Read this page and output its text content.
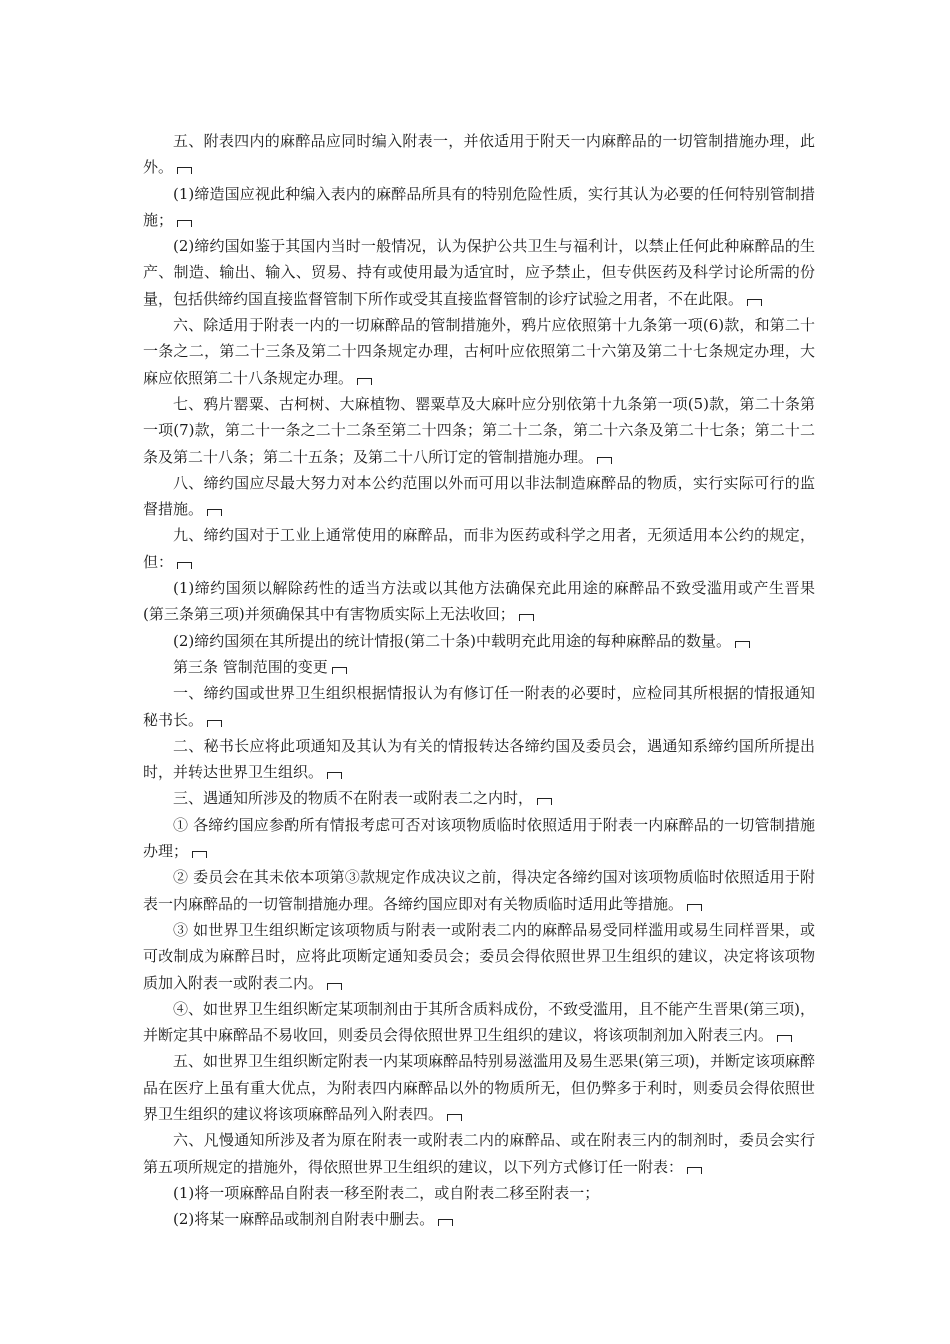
五、附表四内的麻醉品应同时编入附表一，并依适用于附天一内麻醉品的一切管制措施办理，此外。

(1)缔造国应视此种编入表内的麻醉品所具有的特别危险性质，实行其认为必要的任何特别管制措施；

(2)缔约国如鉴于其国内当时一般情况，认为保护公共卫生与福利计，以禁止任何此种麻醉品的生产、制造、输出、输入、贸易、持有或使用最为适宜时，应予禁止，但专供医药及科学讨论所需的份量，包括供缔约国直接监督管制下所作或受其直接监督管制的诊疗试验之用者，不在此限。

六、除适用于附表一内的一切麻醉品的管制措施外，鸦片应依照第十九条第一项(6)款，和第二十一条之二，第二十三条及第二十四条规定办理，古柯叶应依照第二十六第及第二十七条规定办理，大麻应依照第二十八条规定办理。

七、鸦片罂粟、古柯树、大麻植物、罂粟草及大麻叶应分别依第十九条第一项(5)款，第二十条第一项(7)款，第二十一条之二十二条至第二十四条；第二十二条，第二十六条及第二十七条；第二十二条及第二十八条；第二十五条；及第二十八所订定的管制措施办理。

八、缔约国应尽最大努力对本公约范围以外而可用以非法制造麻醉品的物质，实行实际可行的监督措施。

九、缔约国对于工业上通常使用的麻醉品，而非为医药或科学之用者，无须适用本公约的规定，但：

(1)缔约国须以解除药性的适当方法或以其他方法确保充此用途的麻醉品不致受滥用或产生晋果(第三条第三项)并须确保其中有害物质实际上无法收回；

(2)缔约国须在其所提出的统计情报(第二十条)中载明充此用途的每种麻醉品的数量。

第三条 管制范围的变更

一、缔约国或世界卫生组织根据情报认为有修订任一附表的必要时，应检同其所根据的情报通知秘书长。

二、秘书长应将此项通知及其认为有关的情报转达各缔约国及委员会，遇通知系缔约国所所提出时，并转达世界卫生组织。

三、遇通知所涉及的物质不在附表一或附表二之内时，

① 各缔约国应参酌所有情报考虑可否对该项物质临时依照适用于附表一内麻醉品的一切管制措施办理；

② 委员会在其未依本项第③款规定作成决议之前，得决定各缔约国对该项物质临时依照适用于附表一内麻醉品的一切管制措施办理。各缔约国应即对有关物质临时适用此等措施。

③ 如世界卫生组织断定该项物质与附表一或附表二内的麻醉品易受同样滥用或易生同样晋果，或可改制成为麻醉吕时，应将此项断定通知委员会；委员会得依照世界卫生组织的建议，决定将该项物质加入附表一或附表二内。

④、如世界卫生组织断定某项制剂由于其所含质料成份，不致受滥用，且不能产生晋果(第三项)，并断定其中麻醉品不易收回，则委员会得依照世界卫生组织的建议，将该项制剂加入附表三内。

五、如世界卫生组织断定附表一内某项麻醉品特别易滋滥用及易生恶果(第三项)，并断定该项麻醉品在医疗上虽有重大优点，为附表四内麻醉品以外的物质所无，但仍弊多于利时，则委员会得依照世界卫生组织的建议将该项麻醉品列入附表四。

六、凡慢通知所涉及者为原在附表一或附表二内的麻醉品、或在附表三内的制剂时，委员会实行第五项所规定的措施外，得依照世界卫生组织的建议，以下列方式修订任一附表：

(1)将一项麻醉品自附表一移至附表二，或自附表二移至附表一；

(2)将某一麻醉品或制剂自附表中删去。
